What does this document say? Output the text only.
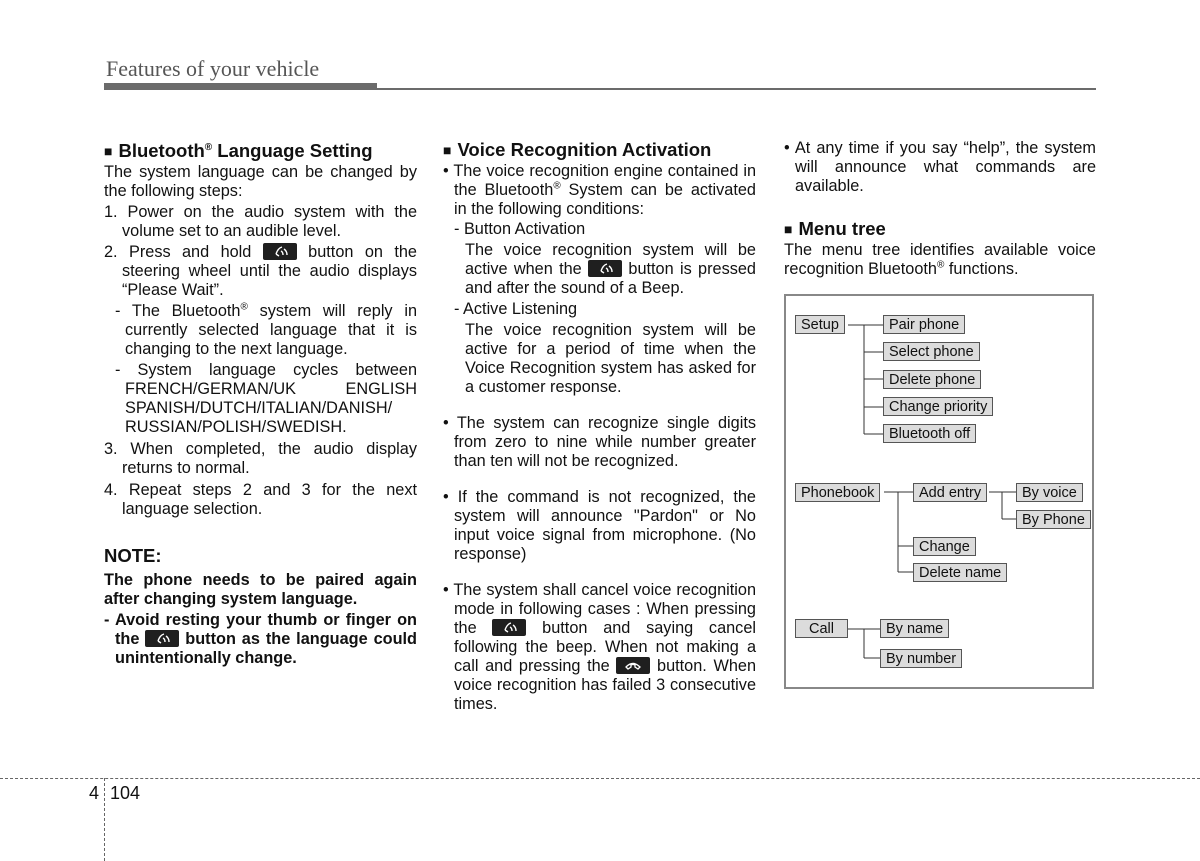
Features of your vehicle

■ Bluetooth® Language Setting

The system language can be changed by the following steps:

1. Power on the audio system with the volume set to an audible level.

2. Press and hold
button on the steering wheel until the audio displays “Please Wait”.

- The Bluetooth® system will reply in currently selected language that it is changing to the next language.

- System language cycles between FRENCH/GERMAN/UK ENGLISH SPANISH/DUTCH/ITALIAN/DANISH/ RUSSIAN/POLISH/SWEDISH.

3. When completed, the audio display returns to normal.

4. Repeat steps 2 and 3 for the next language selection.

NOTE:

The phone needs to be paired again after changing system language.

- Avoid resting your thumb or finger on the
button as the language could unintentionally change.

■ Voice Recognition Activation

• The voice recognition engine contained in the Bluetooth® System can be activated in the following conditions:

- Button Activation

The voice recognition system will be active when the
button is pressed and after the sound of a Beep.

- Active Listening

The voice recognition system will be active for a period of time when the Voice Recognition system has asked for a customer response.

• The system can recognize single digits from zero to nine while number greater than ten will not be recognized.

• If the command is not recognized, the system will announce "Pardon" or No input voice signal from microphone. (No response)

• The system shall cancel voice recognition mode in following cases : When pressing the
button and saying cancel following the beep. When not making a call and pressing the
button. When voice recognition has failed 3 consecutive times.

• At any time if you say “help”, the system will announce what commands are available.

■ Menu tree

The menu tree identifies available voice recognition Bluetooth® functions.

Setup	Pair phone
Select phone
Delete phone
Change priority
Bluetooth off
Phonebook	Add entry	By voice
By Phone
Change
Delete name
Call	By name
By number
4 104
